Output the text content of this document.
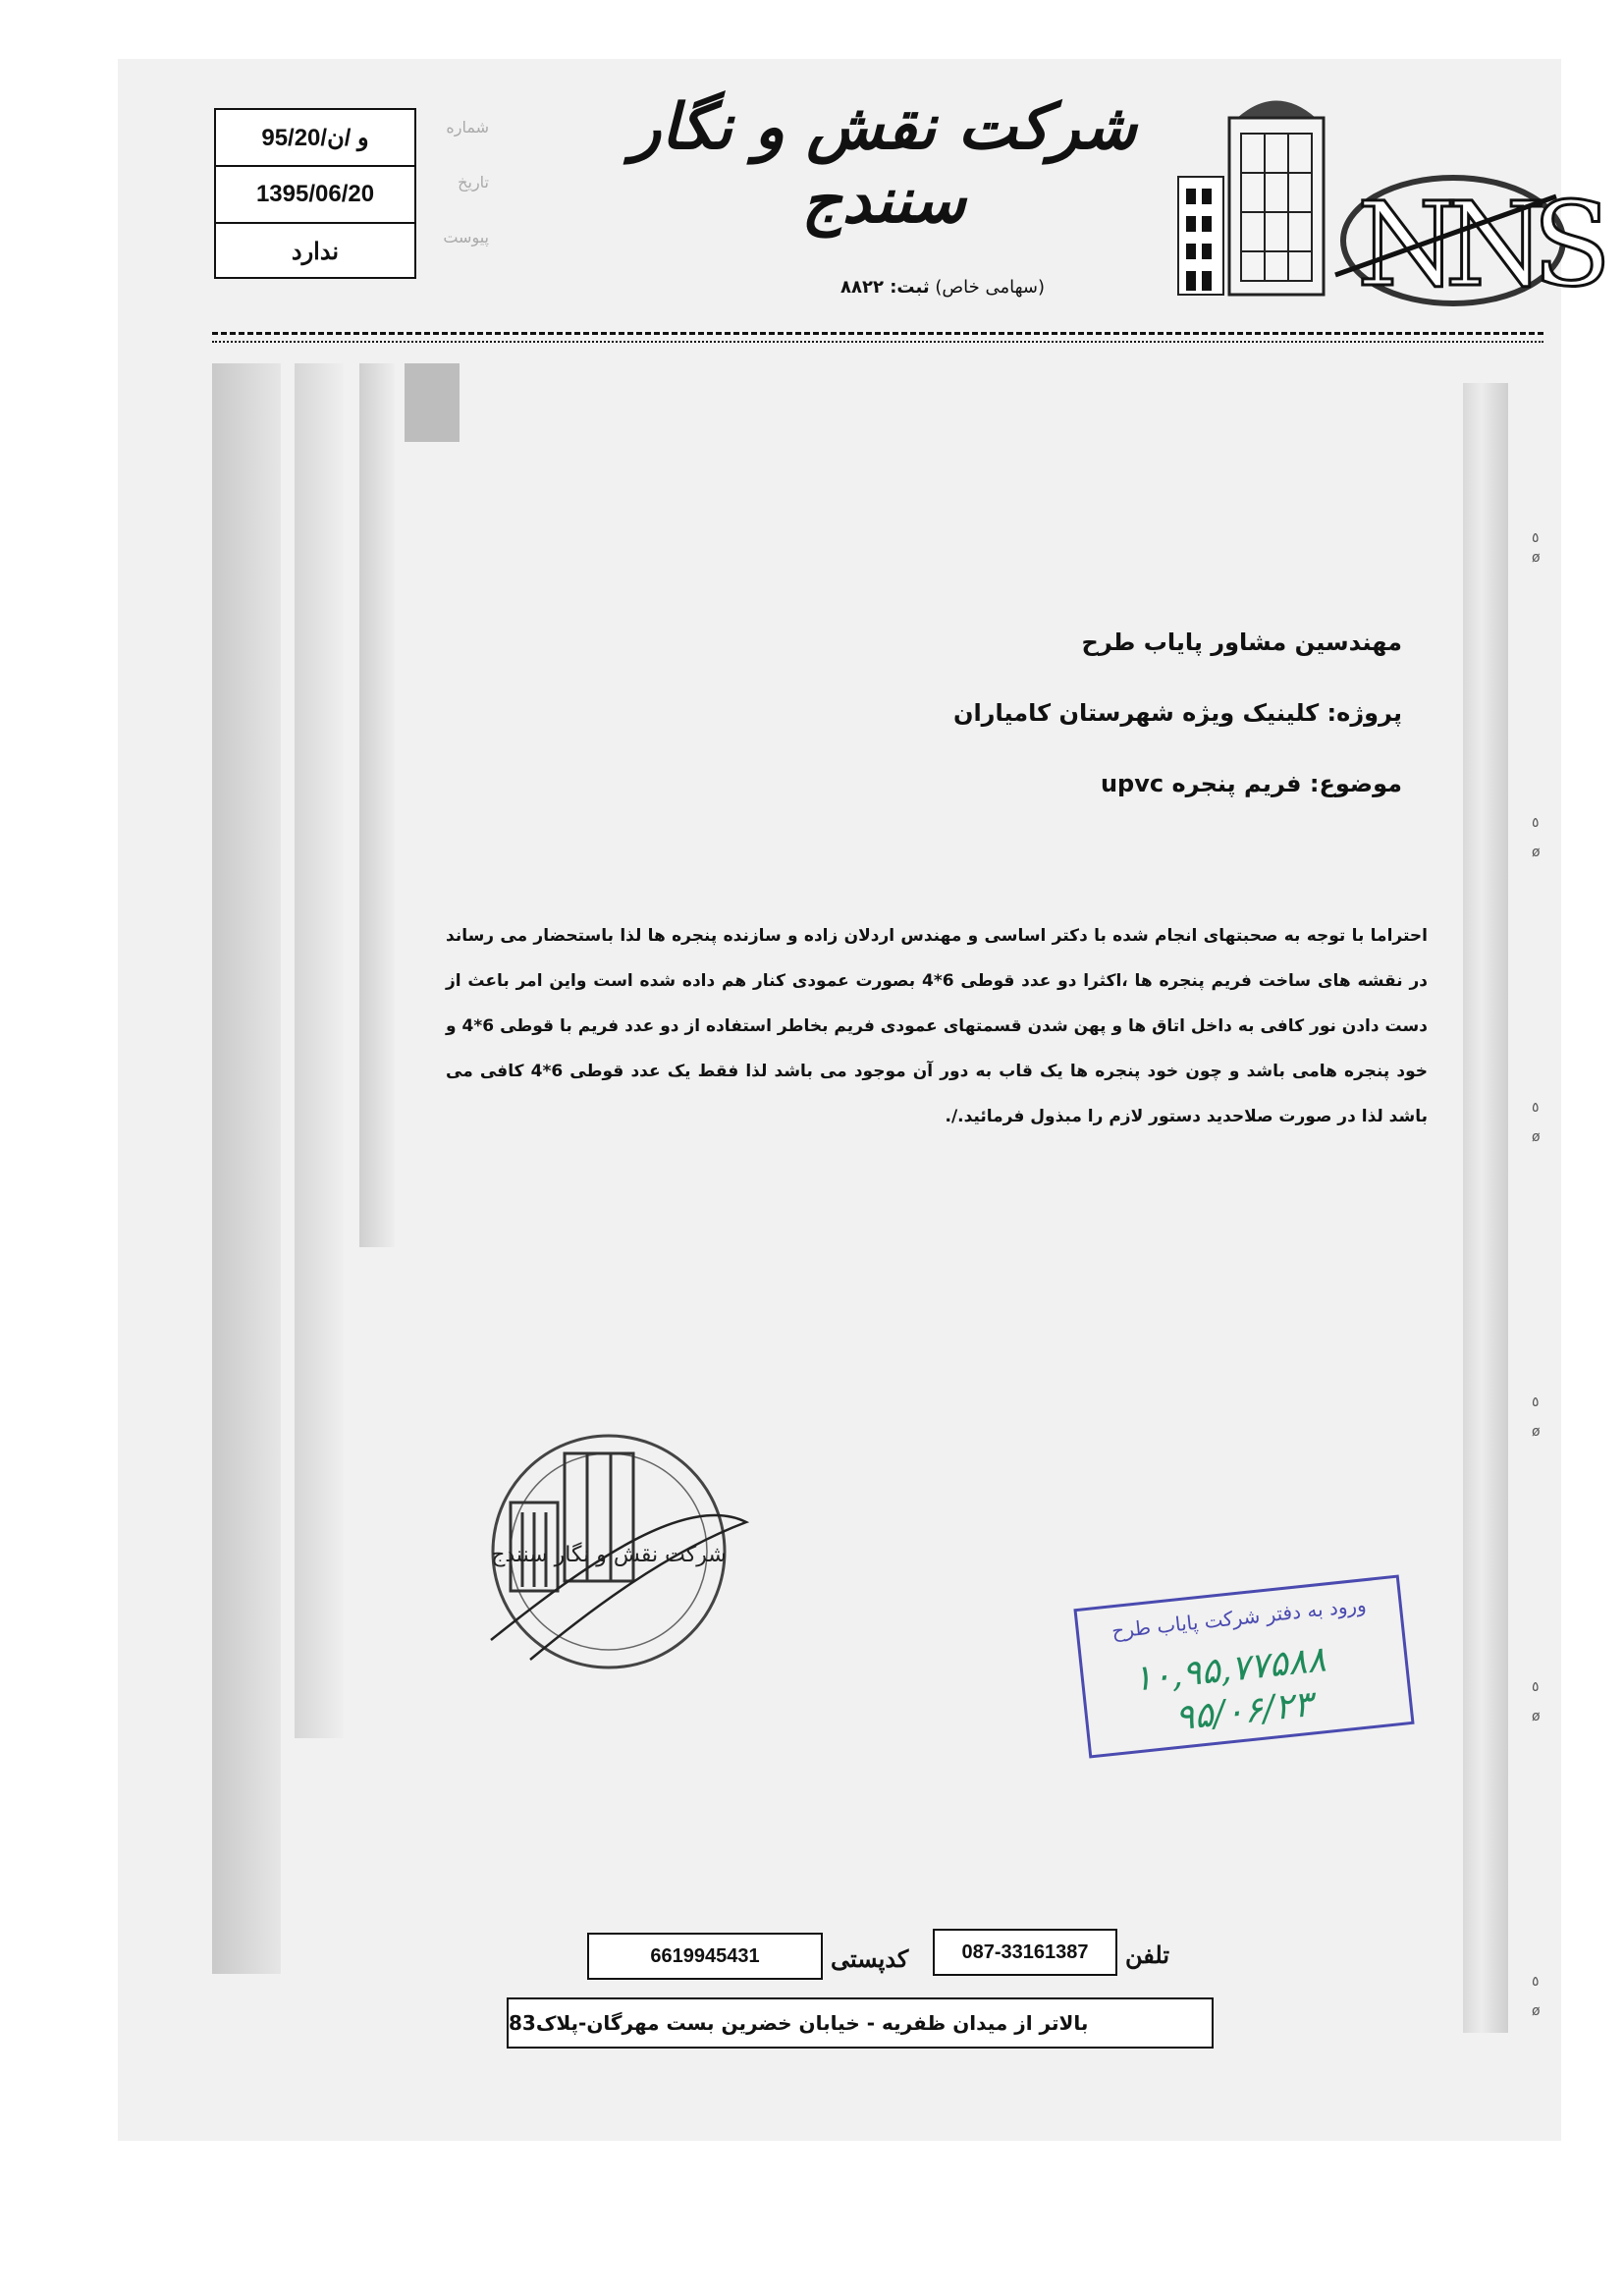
٥
ø
٥
ø
٥
ø
٥
ø
٥
ø
٥
ø
95/20/و /ن
1395/06/20
ندارد
شماره
تاریخ
پیوست
شرکت نقش و نگار سنندج
(سهامی خاص) ثبت: ۸۸۲۲	NNS
مهندسین مشاور پایاب طرح
پروژه: کلینیک ویژه شهرستان کامیاران
موضوع: فریم پنجره upvc
احتراما با توجه به صحبتهای انجام شده با دکتر اساسی و مهندس اردلان زاده و سازنده پنجره ها لذا باستحضار می رساند در نقشه های ساخت فریم پنجره ها ،اکثرا دو عدد قوطی 6*4 بصورت عمودی کنار هم داده شده است واین امر باعث از دست دادن نور کافی به داخل اتاق ها و پهن شدن قسمتهای عمودی فریم بخاطر استفاده از دو عدد فریم با قوطی 6*4 و خود پنجره هامی باشد و چون خود پنجره ها یک قاب به دور آن موجود می باشد لذا فقط یک عدد قوطی 6*4 کافی می باشد لذا در صورت صلاحدید دستور لازم را مبذول فرمائید./.
شرکت نقش و نگار سنندج
ورود به دفتر شرکت پایاب طرح
۱۰,۹۵,۷۷۵۸۸
۹۵/۰۶/۲۳
تلفن
087-33161387
کدپستی
6619945431
بالاتر از میدان ظفریه - خیابان خضرین بست مهرگان-پلاک83
